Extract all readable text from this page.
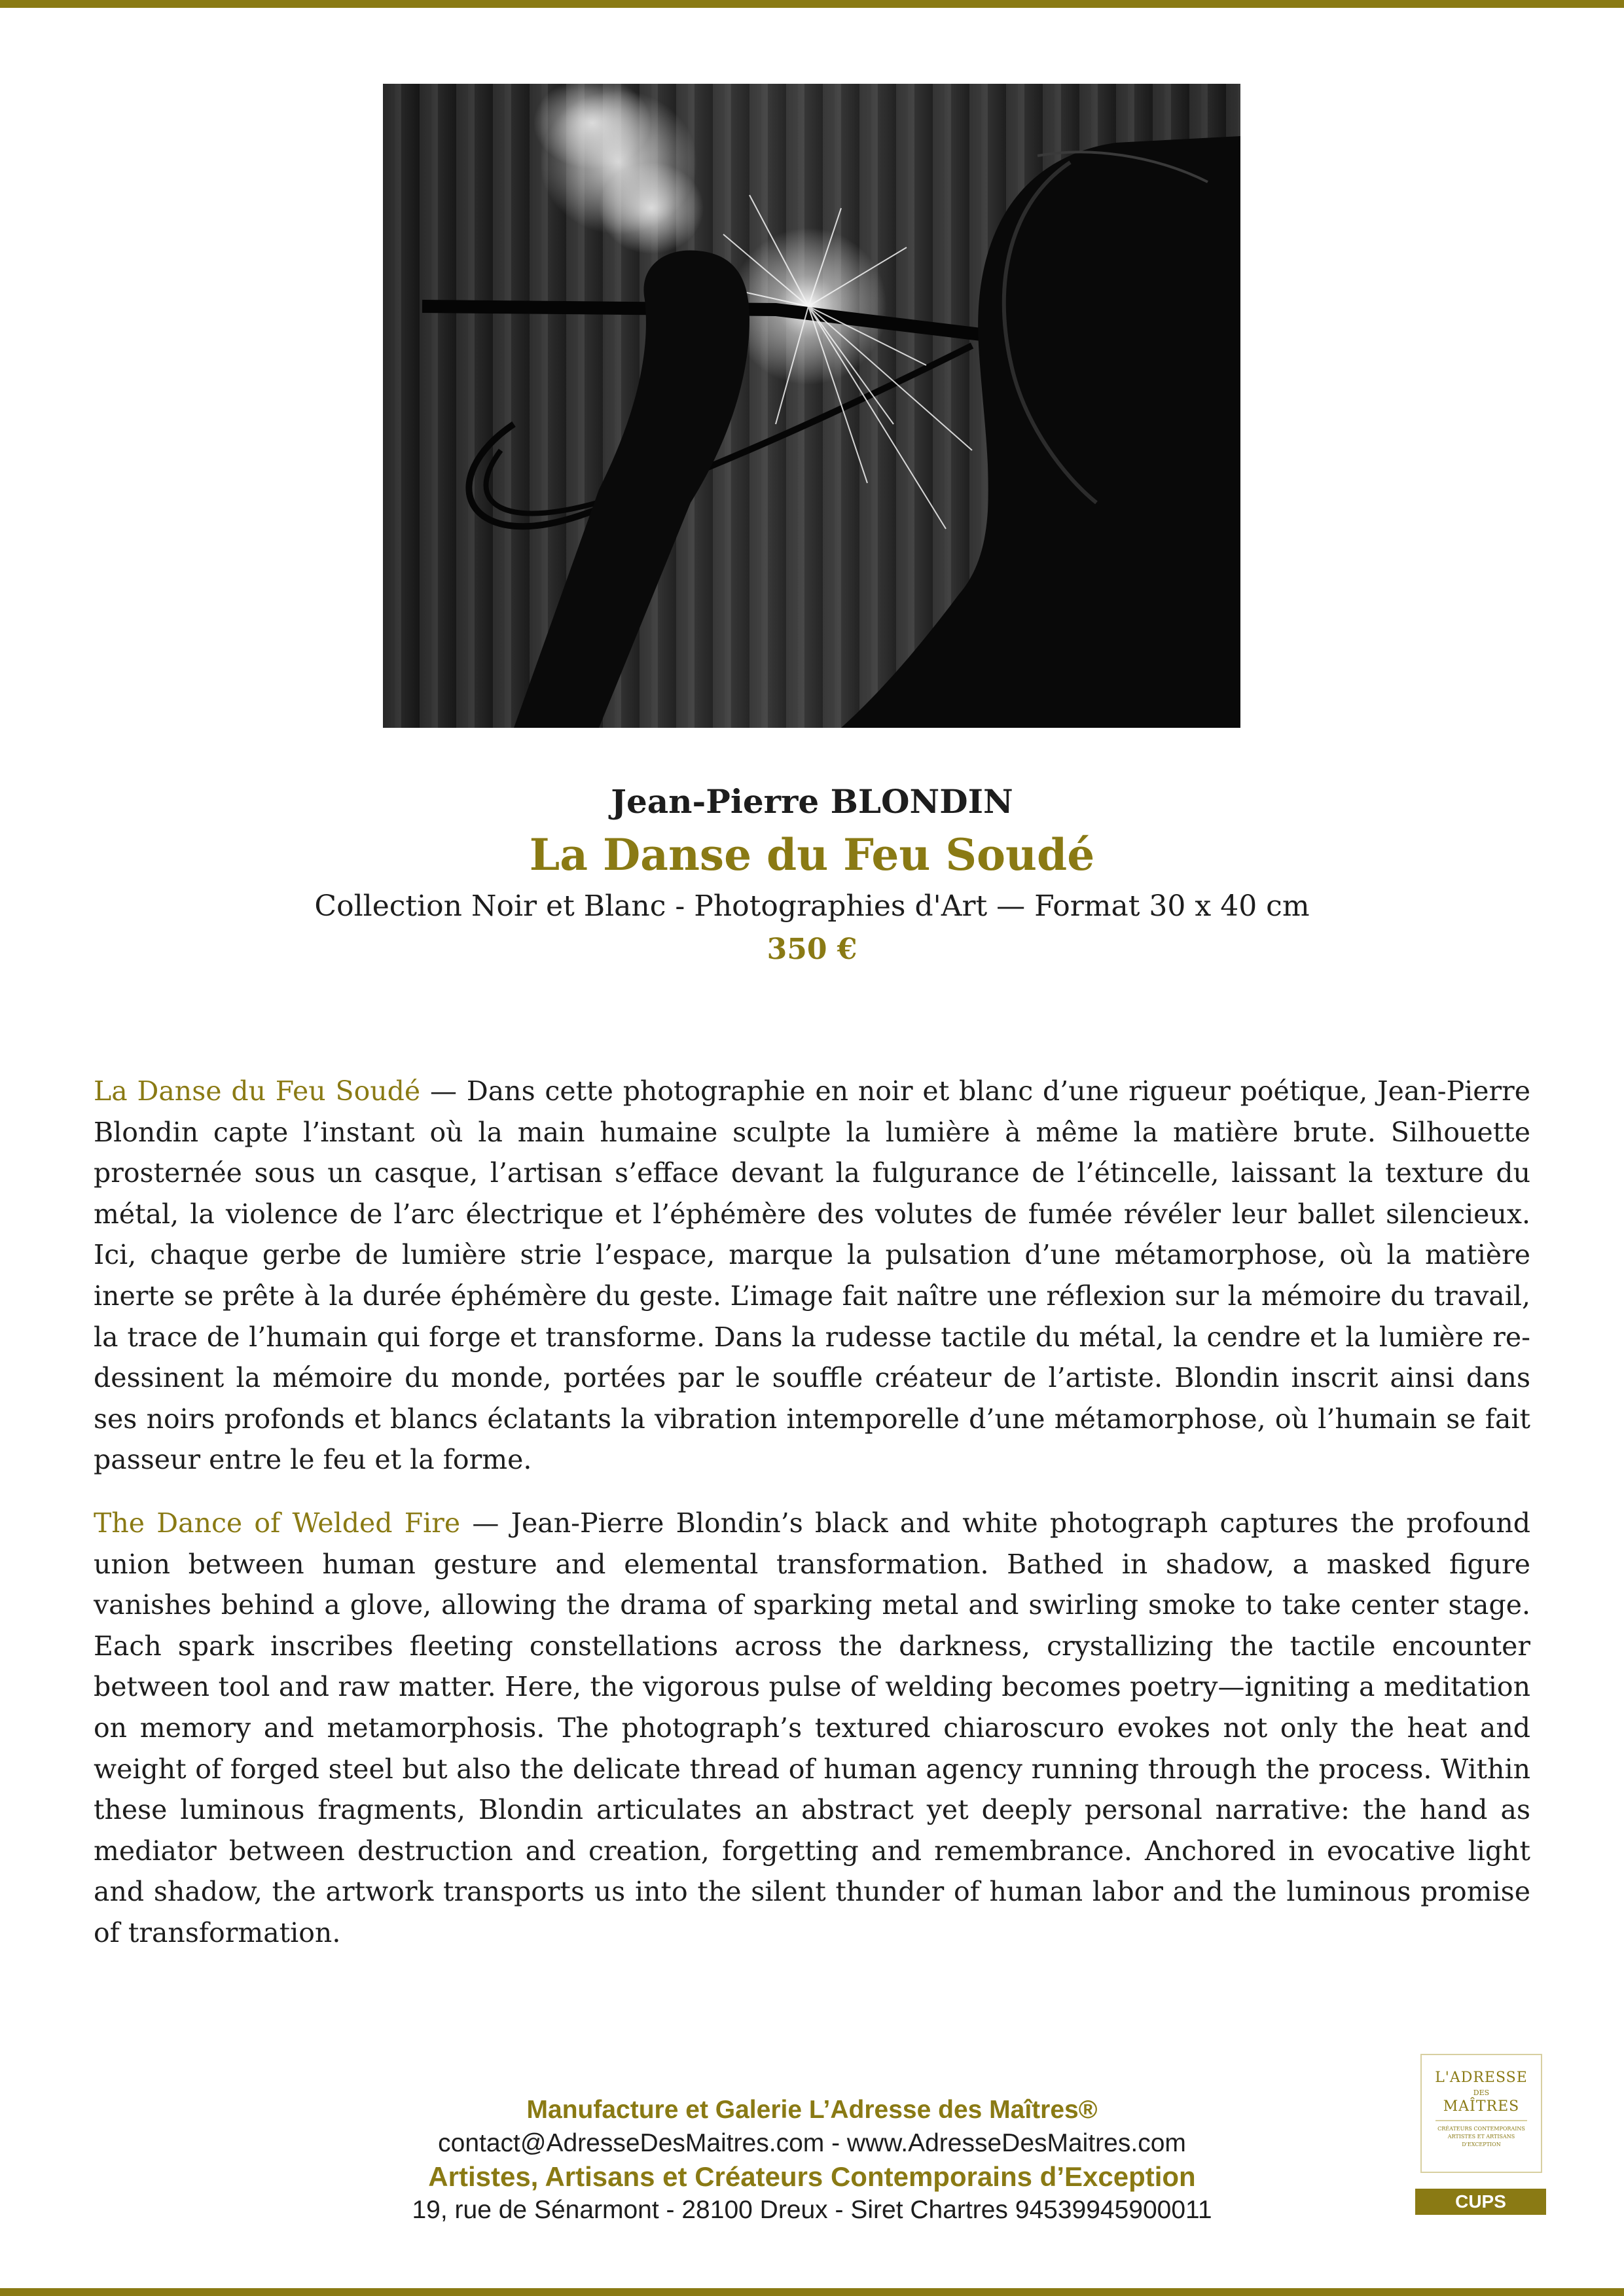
Jean-Pierre BLONDIN
La Danse du Feu Soudé
Collection Noir et Blanc - Photographies d'Art — Format 30 x 40 cm
350 €

La Danse du Feu Soudé — Dans cette photographie en noir et blanc d’une rigueur poétique, Jean-Pierre Blondin capte l’instant où la main humaine sculpte la lumière à même la matière brute. Silhouette prosternée sous un casque, l’artisan s’efface devant la fulgurance de l’étincelle, laissant la texture du métal, la violence de l’arc électrique et l’éphémère des volutes de fumée révéler leur ballet silencieux. Ici, chaque gerbe de lumière strie l’espace, marque la pulsation d’une métamorphose, où la matière inerte se prête à la durée éphémère du geste. L’image fait naître une réflexion sur la mémoire du travail, la trace de l’humain qui forge et transforme. Dans la rudesse tactile du métal, la cendre et la lumière re-dessinent la mémoire du monde, portées par le souffle créateur de l’artiste. Blondin inscrit ainsi dans ses noirs profonds et blancs éclatants la vibration intemporelle d’une métamorphose, où l’humain se fait passeur entre le feu et la forme.

The Dance of Welded Fire — Jean-Pierre Blondin’s black and white photograph captures the profound union between human gesture and elemental transformation. Bathed in shadow, a masked figure vanishes behind a glove, allowing the drama of sparking metal and swirling smoke to take center stage. Each spark inscribes fleeting constellations across the darkness, crystallizing the tactile encounter between tool and raw matter. Here, the vigorous pulse of welding becomes poetry—igniting a meditation on memory and metamorphosis. The photograph’s textured chiaroscuro evokes not only the heat and weight of forged steel but also the delicate thread of human agency running through the process. Within these luminous fragments, Blondin articulates an abstract yet deeply personal narrative: the hand as mediator between destruction and creation, forgetting and remembrance. Anchored in evocative light and shadow, the artwork transports us into the silent thunder of human labor and the luminous promise of transformation.

Manufacture et Galerie L’Adresse des Maîtres®
contact@AdresseDesMaitres.com - www.AdresseDesMaitres.com
Artistes, Artisans et Créateurs Contemporains d’Exception
19, rue de Sénarmont - 28100 Dreux - Siret Chartres 94539945900011
L'ADRESSE
DES
MAÎTRES
CRÉATEURS CONTEMPORAINS ARTISTES ET ARTISANS D'EXCEPTION
CUPS
